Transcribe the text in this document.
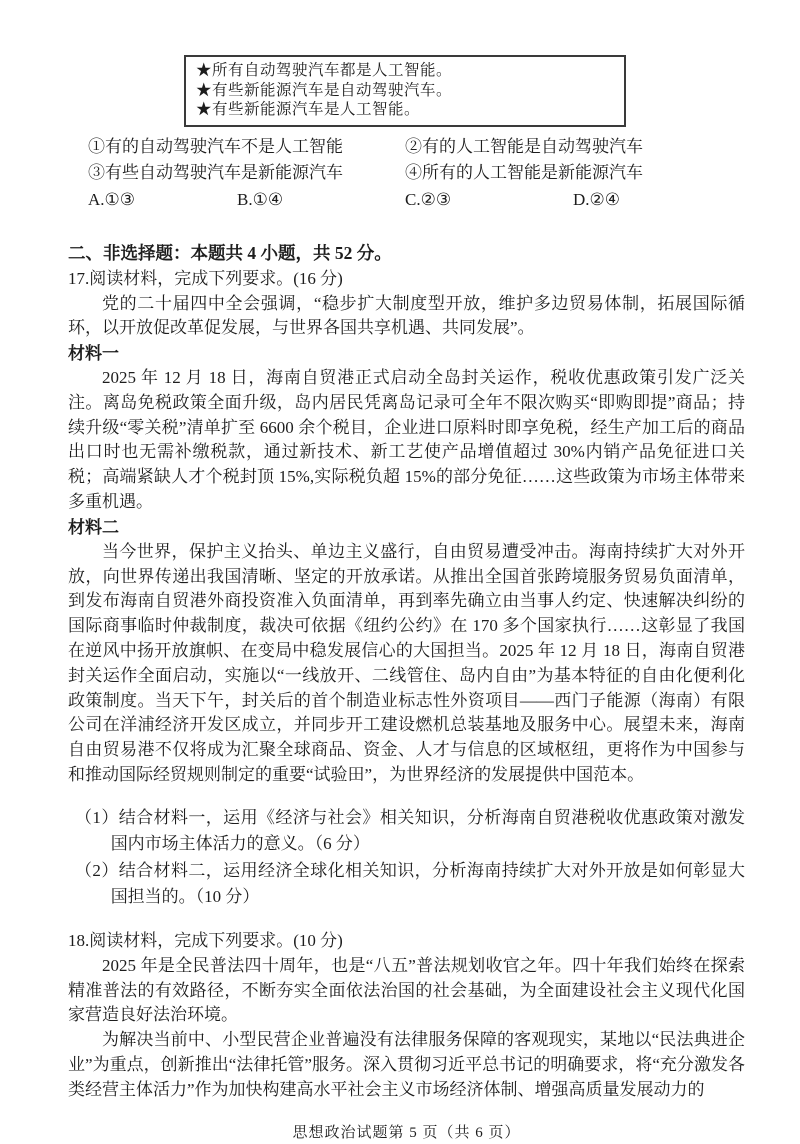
★所有自动驾驶汽车都是人工智能。
★有些新能源汽车是自动驾驶汽车。
★有些新能源汽车是人工智能。
①有的自动驾驶汽车不是人工智能	②有的人工智能是自动驾驶汽车
③有些自动驾驶汽车是新能源汽车	④所有的人工智能是新能源汽车
A.①③	B.①④	C.②③	D.②④
二、非选择题：本题共 4 小题，共 52 分。
17.阅读材料，完成下列要求。(16 分)

党的二十届四中全会强调，“稳步扩大制度型开放，维护多边贸易体制，拓展国际循环，以开放促改革促发展，与世界各国共享机遇、共同发展”。

材料一

2025 年 12 月 18 日，海南自贸港正式启动全岛封关运作，税收优惠政策引发广泛关注。离岛免税政策全面升级，岛内居民凭离岛记录可全年不限次购买“即购即提”商品；持续升级“零关税”清单扩至 6600 余个税目，企业进口原料时即享免税，经生产加工后的商品出口时也无需补缴税款，通过新技术、新工艺使产品增值超过 30%内销产品免征进口关税；高端紧缺人才个税封顶 15%,实际税负超 15%的部分免征……这些政策为市场主体带来多重机遇。

材料二

当今世界，保护主义抬头、单边主义盛行，自由贸易遭受冲击。海南持续扩大对外开放，向世界传递出我国清晰、坚定的开放承诺。从推出全国首张跨境服务贸易负面清单，到发布海南自贸港外商投资准入负面清单，再到率先确立由当事人约定、快速解决纠纷的国际商事临时仲裁制度，裁决可依据《纽约公约》在 170 多个国家执行……这彰显了我国在逆风中扬开放旗帜、在变局中稳发展信心的大国担当。2025 年 12 月 18 日，海南自贸港封关运作全面启动，实施以“一线放开、二线管住、岛内自由”为基本特征的自由化便利化政策制度。当天下午，封关后的首个制造业标志性外资项目——西门子能源（海南）有限公司在洋浦经济开发区成立，并同步开工建设燃机总装基地及服务中心。展望未来，海南自由贸易港不仅将成为汇聚全球商品、资金、人才与信息的区域枢纽，更将作为中国参与和推动国际经贸规则制定的重要“试验田”，为世界经济的发展提供中国范本。

（1）结合材料一，运用《经济与社会》相关知识，分析海南自贸港税收优惠政策对激发国内市场主体活力的意义。（6 分）
（2）结合材料二，运用经济全球化相关知识，分析海南持续扩大对外开放是如何彰显大国担当的。（10 分）
18.阅读材料，完成下列要求。(10 分)

2025 年是全民普法四十周年，也是“八五”普法规划收官之年。四十年我们始终在探索精准普法的有效路径，不断夯实全面依法治国的社会基础，为全面建设社会主义现代化国家营造良好法治环境。

为解决当前中、小型民营企业普遍没有法律服务保障的客观现实，某地以“民法典进企业”为重点，创新推出“法律托管”服务。深入贯彻习近平总书记的明确要求，将“充分激发各类经营主体活力”作为加快构建高水平社会主义市场经济体制、增强高质量发展动力的

思想政治试题第 5 页（共 6 页）
